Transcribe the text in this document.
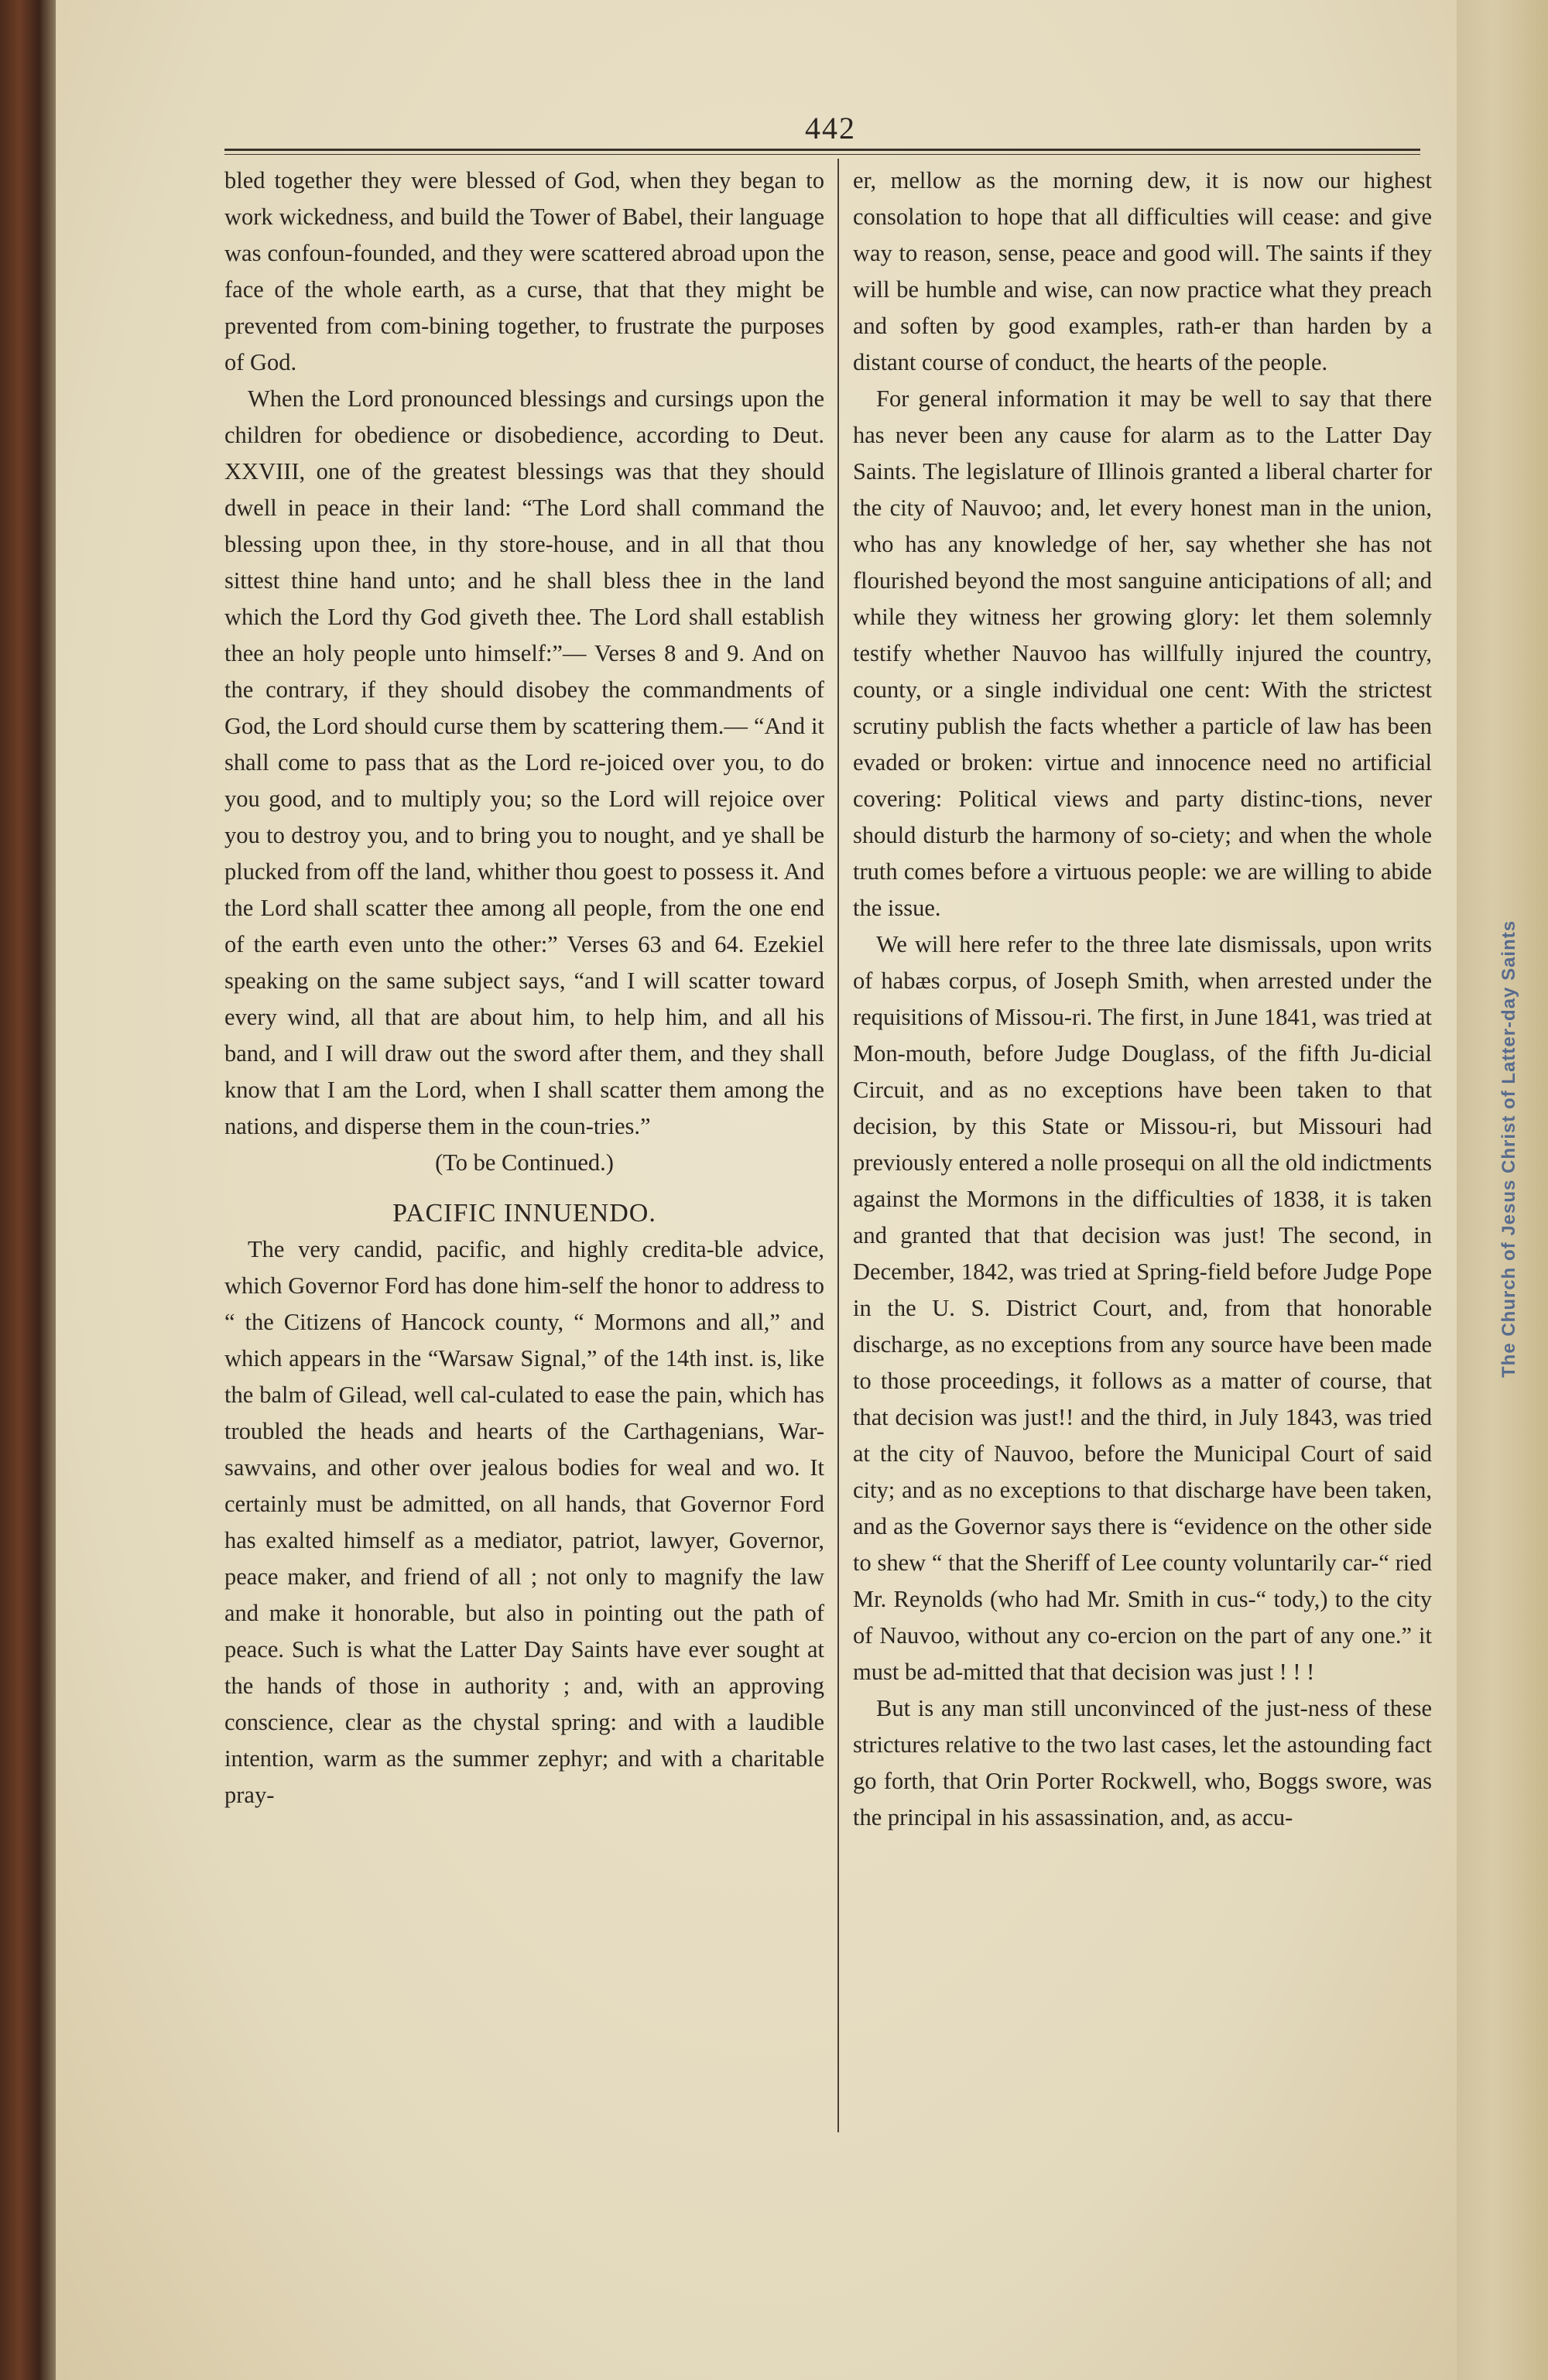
The Church of Jesus Christ of Latter-day Saints
442

bled together they were blessed of God, when they began to work wickedness, and build the Tower of Babel, their language was confoun-founded, and they were scattered abroad upon the face of the whole earth, as a curse, that that they might be prevented from com-bining together, to frustrate the purposes of God.

When the Lord pronounced blessings and cursings upon the children for obedience or disobedience, according to Deut. XXVIII, one of the greatest blessings was that they should dwell in peace in their land: “The Lord shall command the blessing upon thee, in thy store-house, and in all that thou sittest thine hand unto; and he shall bless thee in the land which the Lord thy God giveth thee. The Lord shall establish thee an holy people unto himself:”— Verses 8 and 9. And on the contrary, if they should disobey the commandments of God, the Lord should curse them by scattering them.— “And it shall come to pass that as the Lord re-joiced over you, to do you good, and to multiply you; so the Lord will rejoice over you to destroy you, and to bring you to nought, and ye shall be plucked from off the land, whither thou goest to possess it. And the Lord shall scatter thee among all people, from the one end of the earth even unto the other:” Verses 63 and 64. Ezekiel speaking on the same subject says, “and I will scatter toward every wind, all that are about him, to help him, and all his band, and I will draw out the sword after them, and they shall know that I am the Lord, when I shall scatter them among the nations, and disperse them in the coun-tries.”

(To be Continued.)

PACIFIC INNUENDO.

The very candid, pacific, and highly credita-ble advice, which Governor Ford has done him-self the honor to address to “ the Citizens of Hancock county, “ Mormons and all,” and which appears in the “Warsaw Signal,” of the 14th inst. is, like the balm of Gilead, well cal-culated to ease the pain, which has troubled the heads and hearts of the Carthagenians, War-sawvains, and other over jealous bodies for weal and wo. It certainly must be admitted, on all hands, that Governor Ford has exalted himself as a mediator, patriot, lawyer, Governor, peace maker, and friend of all ; not only to magnify the law and make it honorable, but also in pointing out the path of peace. Such is what the Latter Day Saints have ever sought at the hands of those in authority ; and, with an approving conscience, clear as the chystal spring: and with a laudible intention, warm as the summer zephyr; and with a charitable pray-

er, mellow as the morning dew, it is now our highest consolation to hope that all difficulties will cease: and give way to reason, sense, peace and good will. The saints if they will be humble and wise, can now practice what they preach and soften by good examples, rath-er than harden by a distant course of conduct, the hearts of the people.

For general information it may be well to say that there has never been any cause for alarm as to the Latter Day Saints. The legislature of Illinois granted a liberal charter for the city of Nauvoo; and, let every honest man in the union, who has any knowledge of her, say whether she has not flourished beyond the most sanguine anticipations of all; and while they witness her growing glory: let them solemnly testify whether Nauvoo has willfully injured the country, county, or a single individual one cent: With the strictest scrutiny publish the facts whether a particle of law has been evaded or broken: virtue and innocence need no artificial covering: Political views and party distinc-tions, never should disturb the harmony of so-ciety; and when the whole truth comes before a virtuous people: we are willing to abide the issue.

We will here refer to the three late dismissals, upon writs of habæs corpus, of Joseph Smith, when arrested under the requisitions of Missou-ri. The first, in June 1841, was tried at Mon-mouth, before Judge Douglass, of the fifth Ju-dicial Circuit, and as no exceptions have been taken to that decision, by this State or Missou-ri, but Missouri had previously entered a nolle prosequi on all the old indictments against the Mormons in the difficulties of 1838, it is taken and granted that that decision was just! The second, in December, 1842, was tried at Spring-field before Judge Pope in the U. S. District Court, and, from that honorable discharge, as no exceptions from any source have been made to those proceedings, it follows as a matter of course, that that decision was just!! and the third, in July 1843, was tried at the city of Nauvoo, before the Municipal Court of said city; and as no exceptions to that discharge have been taken, and as the Governor says there is “evidence on the other side to shew “ that the Sheriff of Lee county voluntarily car-“ ried Mr. Reynolds (who had Mr. Smith in cus-“ tody,) to the city of Nauvoo, without any co-ercion on the part of any one.” it must be ad-mitted that that decision was just ! ! !

But is any man still unconvinced of the just-ness of these strictures relative to the two last cases, let the astounding fact go forth, that Orin Porter Rockwell, who, Boggs swore, was the principal in his assassination, and, as accu-
